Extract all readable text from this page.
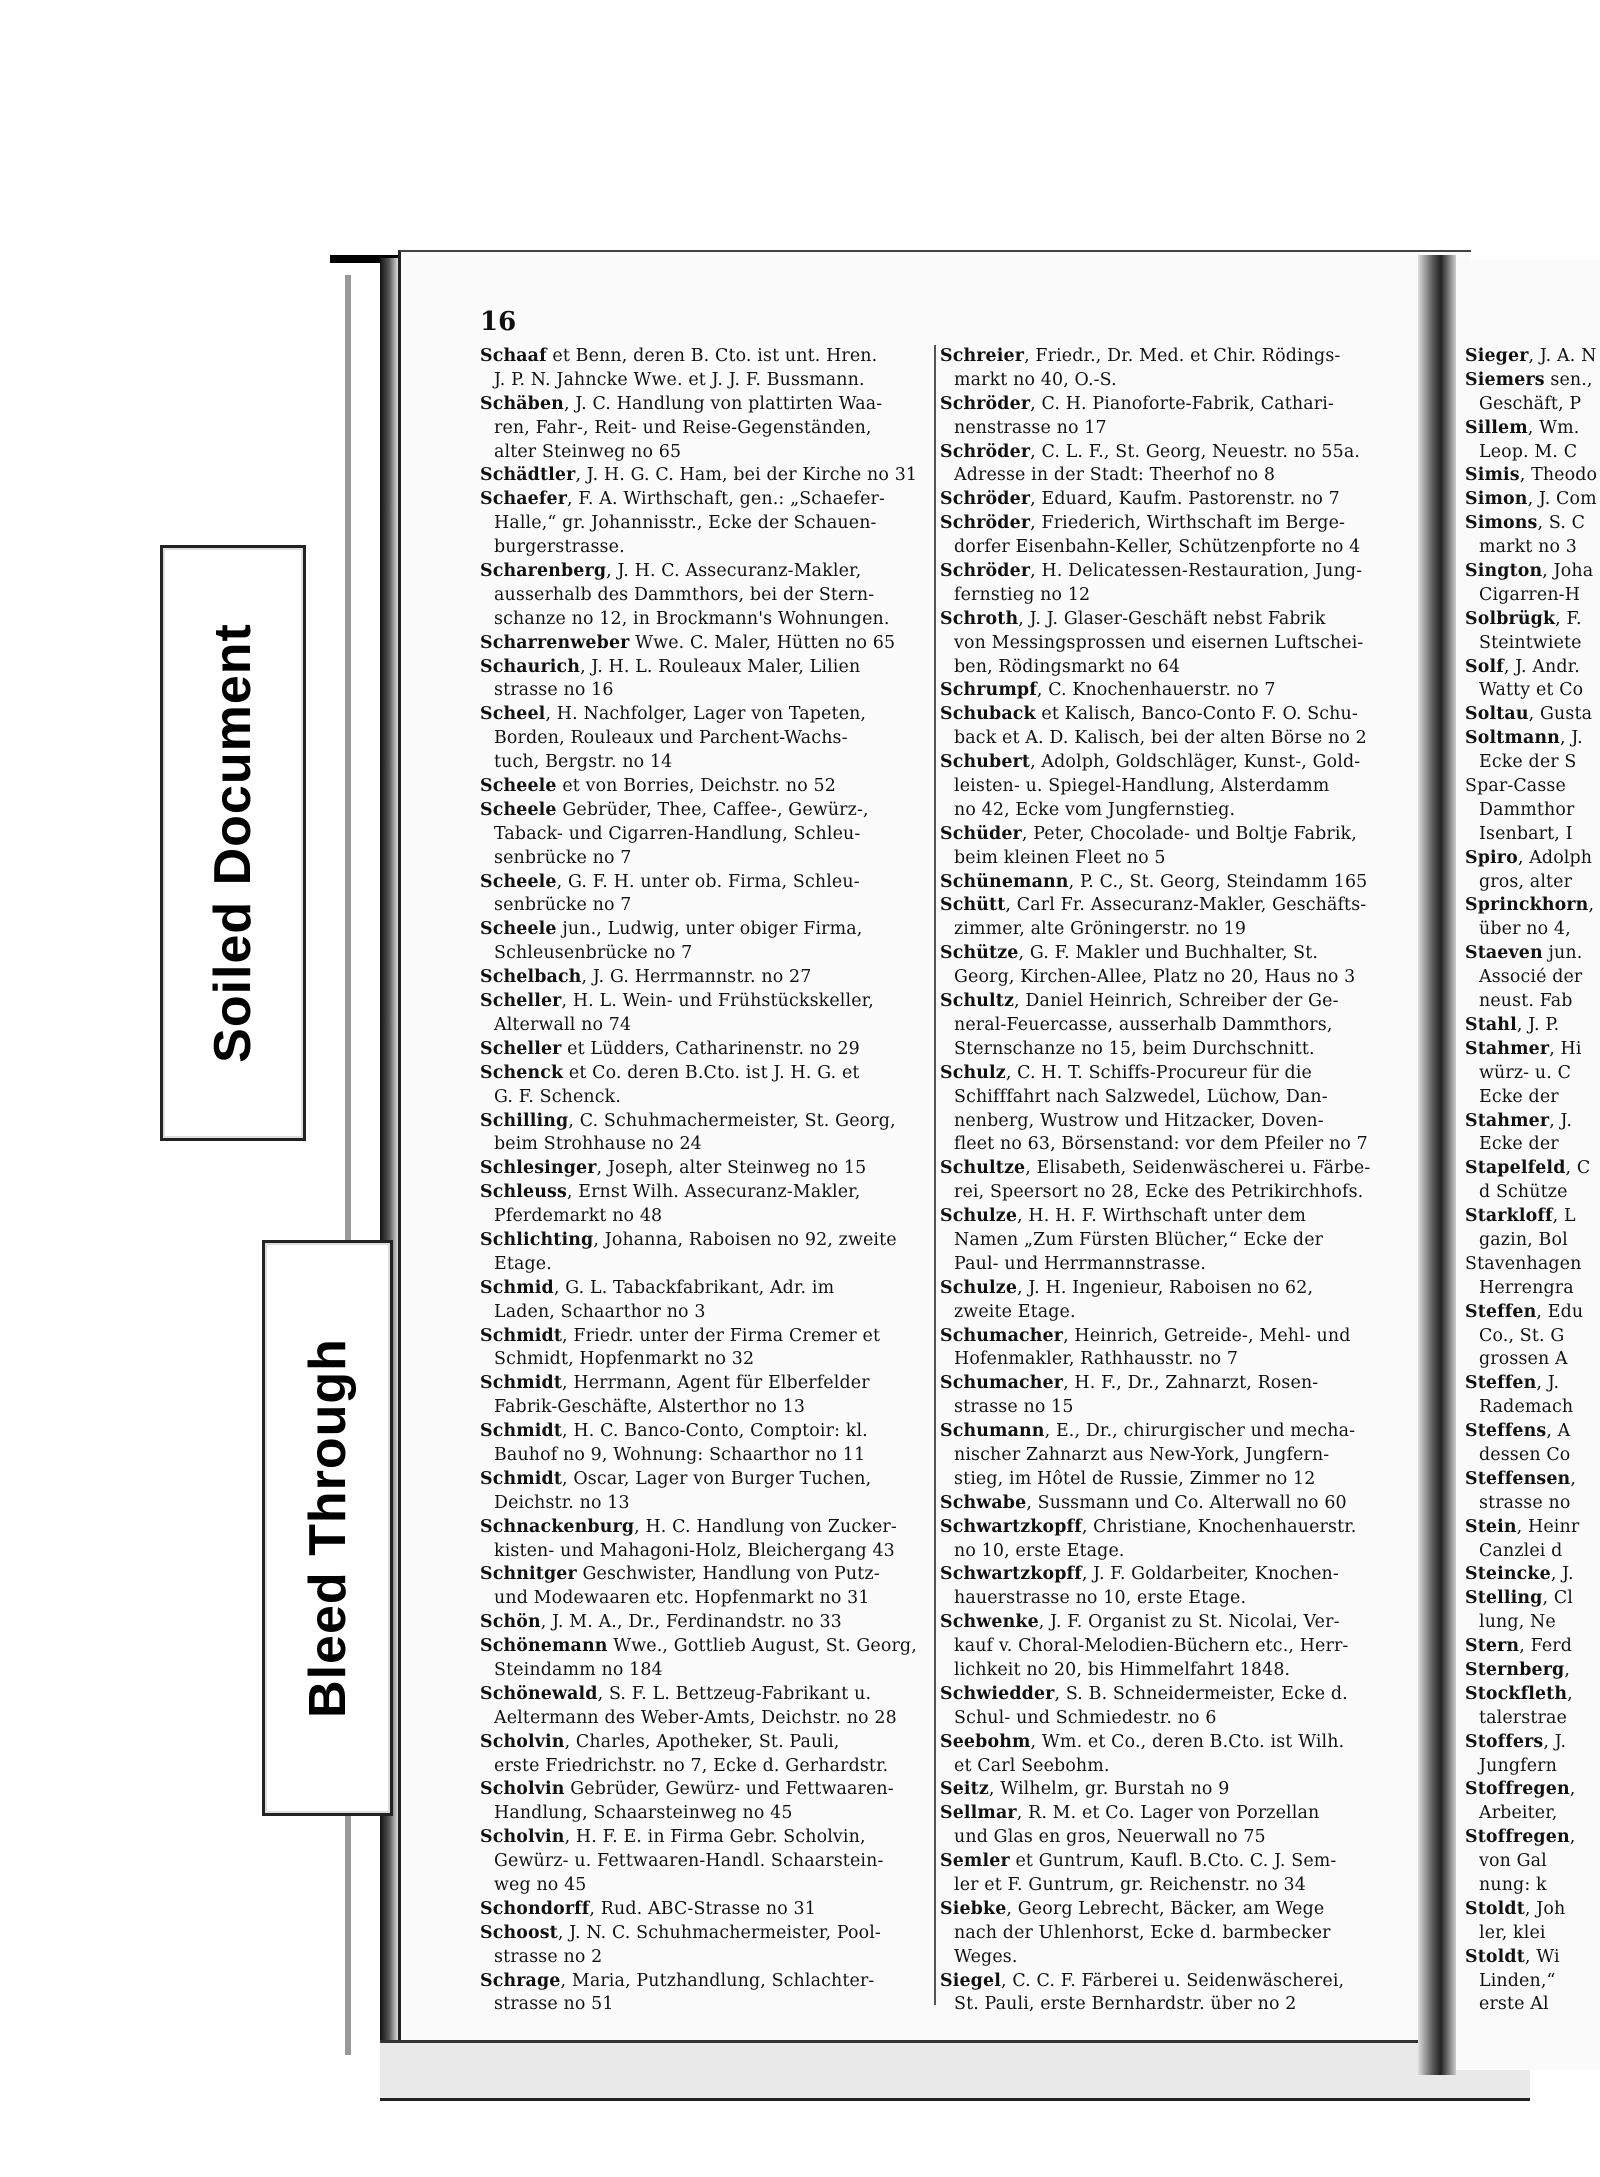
16
Schaaf et Benn, deren B. Cto. ist unt. Hren.
J. P. N. Jahncke Wwe. et J. J. F. Bussmann.
Schäben, J. C. Handlung von plattirten Waa-
ren, Fahr-, Reit- und Reise-Gegenständen,
alter Steinweg no 65
Schädtler, J. H. G. C. Ham, bei der Kirche no 31
Schaefer, F. A. Wirthschaft, gen.: „Schaefer-
Halle,“ gr. Johannisstr., Ecke der Schauen-
burgerstrasse.
Scharenberg, J. H. C. Assecuranz-Makler,
ausserhalb des Dammthors, bei der Stern-
schanze no 12, in Brockmann's Wohnungen.
Scharrenweber Wwe. C. Maler, Hütten no 65
Schaurich, J. H. L. Rouleaux Maler, Lilien
strasse no 16
Scheel, H. Nachfolger, Lager von Tapeten,
Borden, Rouleaux und Parchent-Wachs-
tuch, Bergstr. no 14
Scheele et von Borries, Deichstr. no 52
Scheele Gebrüder, Thee, Caffee-, Gewürz-,
Taback- und Cigarren-Handlung, Schleu-
senbrücke no 7
Scheele, G. F. H. unter ob. Firma, Schleu-
senbrücke no 7
Scheele jun., Ludwig, unter obiger Firma,
Schleusenbrücke no 7
Schelbach, J. G. Herrmannstr. no 27
Scheller, H. L. Wein- und Frühstückskeller,
Alterwall no 74
Scheller et Lüdders, Catharinenstr. no 29
Schenck et Co. deren B.Cto. ist J. H. G. et
G. F. Schenck.
Schilling, C. Schuhmachermeister, St. Georg,
beim Strohhause no 24
Schlesinger, Joseph, alter Steinweg no 15
Schleuss, Ernst Wilh. Assecuranz-Makler,
Pferdemarkt no 48
Schlichting, Johanna, Raboisen no 92, zweite
Etage.
Schmid, G. L. Tabackfabrikant, Adr. im
Laden, Schaarthor no 3
Schmidt, Friedr. unter der Firma Cremer et
Schmidt, Hopfenmarkt no 32
Schmidt, Herrmann, Agent für Elberfelder
Fabrik-Geschäfte, Alsterthor no 13
Schmidt, H. C. Banco-Conto, Comptoir: kl.
Bauhof no 9, Wohnung: Schaarthor no 11
Schmidt, Oscar, Lager von Burger Tuchen,
Deichstr. no 13
Schnackenburg, H. C. Handlung von Zucker-
kisten- und Mahagoni-Holz, Bleichergang 43
Schnitger Geschwister, Handlung von Putz-
und Modewaaren etc. Hopfenmarkt no 31
Schön, J. M. A., Dr., Ferdinandstr. no 33
Schönemann Wwe., Gottlieb August, St. Georg,
Steindamm no 184
Schönewald, S. F. L. Bettzeug-Fabrikant u.
Aeltermann des Weber-Amts, Deichstr. no 28
Scholvin, Charles, Apotheker, St. Pauli,
erste Friedrichstr. no 7, Ecke d. Gerhardstr.
Scholvin Gebrüder, Gewürz- und Fettwaaren-
Handlung, Schaarsteinweg no 45
Scholvin, H. F. E. in Firma Gebr. Scholvin,
Gewürz- u. Fettwaaren-Handl. Schaarstein-
weg no 45
Schondorff, Rud. ABC-Strasse no 31
Schoost, J. N. C. Schuhmachermeister, Pool-
strasse no 2
Schrage, Maria, Putzhandlung, Schlachter-
strasse no 51
Schreier, Friedr., Dr. Med. et Chir. Rödings-
markt no 40, O.-S.
Schröder, C. H. Pianoforte-Fabrik, Cathari-
nenstrasse no 17
Schröder, C. L. F., St. Georg, Neuestr. no 55a.
Adresse in der Stadt: Theerhof no 8
Schröder, Eduard, Kaufm. Pastorenstr. no 7
Schröder, Friederich, Wirthschaft im Berge-
dorfer Eisenbahn-Keller, Schützenpforte no 4
Schröder, H. Delicatessen-Restauration, Jung-
fernstieg no 12
Schroth, J. J. Glaser-Geschäft nebst Fabrik
von Messingsprossen und eisernen Luftschei-
ben, Rödingsmarkt no 64
Schrumpf, C. Knochenhauerstr. no 7
Schuback et Kalisch, Banco-Conto F. O. Schu-
back et A. D. Kalisch, bei der alten Börse no 2
Schubert, Adolph, Goldschläger, Kunst-, Gold-
leisten- u. Spiegel-Handlung, Alsterdamm
no 42, Ecke vom Jungfernstieg.
Schüder, Peter, Chocolade- und Boltje Fabrik,
beim kleinen Fleet no 5
Schünemann, P. C., St. Georg, Steindamm 165
Schütt, Carl Fr. Assecuranz-Makler, Geschäfts-
zimmer, alte Gröningerstr. no 19
Schütze, G. F. Makler und Buchhalter, St.
Georg, Kirchen-Allee, Platz no 20, Haus no 3
Schultz, Daniel Heinrich, Schreiber der Ge-
neral-Feuercasse, ausserhalb Dammthors,
Sternschanze no 15, beim Durchschnitt.
Schulz, C. H. T. Schiffs-Procureur für die
Schifffahrt nach Salzwedel, Lüchow, Dan-
nenberg, Wustrow und Hitzacker, Doven-
fleet no 63, Börsenstand: vor dem Pfeiler no 7
Schultze, Elisabeth, Seidenwäscherei u. Färbe-
rei, Speersort no 28, Ecke des Petrikirchhofs.
Schulze, H. H. F. Wirthschaft unter dem
Namen „Zum Fürsten Blücher,“ Ecke der
Paul- und Herrmannstrasse.
Schulze, J. H. Ingenieur, Raboisen no 62,
zweite Etage.
Schumacher, Heinrich, Getreide-, Mehl- und
Hofenmakler, Rathhausstr. no 7
Schumacher, H. F., Dr., Zahnarzt, Rosen-
strasse no 15
Schumann, E., Dr., chirurgischer und mecha-
nischer Zahnarzt aus New-York, Jungfern-
stieg, im Hôtel de Russie, Zimmer no 12
Schwabe, Sussmann und Co. Alterwall no 60
Schwartzkopff, Christiane, Knochenhauerstr.
no 10, erste Etage.
Schwartzkopff, J. F. Goldarbeiter, Knochen-
hauerstrasse no 10, erste Etage.
Schwenke, J. F. Organist zu St. Nicolai, Ver-
kauf v. Choral-Melodien-Büchern etc., Herr-
lichkeit no 20, bis Himmelfahrt 1848.
Schwiedder, S. B. Schneidermeister, Ecke d.
Schul- und Schmiedestr. no 6
Seebohm, Wm. et Co., deren B.Cto. ist Wilh.
et Carl Seebohm.
Seitz, Wilhelm, gr. Burstah no 9
Sellmar, R. M. et Co. Lager von Porzellan
und Glas en gros, Neuerwall no 75
Semler et Guntrum, Kaufl. B.Cto. C. J. Sem-
ler et F. Guntrum, gr. Reichenstr. no 34
Siebke, Georg Lebrecht, Bäcker, am Wege
nach der Uhlenhorst, Ecke d. barmbecker
Weges.
Siegel, C. C. F. Färberei u. Seidenwäscherei,
St. Pauli, erste Bernhardstr. über no 2
Sieger, J. A. N
Siemers sen.,
Geschäft, P
Sillem, Wm.
Leop. M. C
Simis, Theodo
Simon, J. Com
Simons, S. C
markt no 3
Sington, Joha
Cigarren-H
Solbrügk, F.
Steintwiete
Solf, J. Andr.
Watty et Co
Soltau, Gusta
Soltmann, J.
Ecke der S
Spar-Casse
Dammthor
Isenbart, I
Spiro, Adolph
gros, alter
Sprinckhorn,
über no 4,
Staeven jun.
Associé der
neust. Fab
Stahl, J. P.
Stahmer, Hi
würz- u. C
Ecke der
Stahmer, J.
Ecke der
Stapelfeld, C
d Schütze
Starkloff, L
gazin, Bol
Stavenhagen
Herrengra
Steffen, Edu
Co., St. G
grossen A
Steffen, J.
Rademach
Steffens, A
dessen Co
Steffensen,
strasse no
Stein, Heinr
Canzlei d
Steincke, J.
Stelling, Cl
lung, Ne
Stern, Ferd
Sternberg,
Stockfleth,
talerstrae
Stoffers, J.
Jungfern
Stoffregen,
Arbeiter,
Stoffregen,
von Gal
nung: k
Stoldt, Joh
ler, klei
Stoldt, Wi
Linden,“
erste Al
Soiled Document
Bleed Through
